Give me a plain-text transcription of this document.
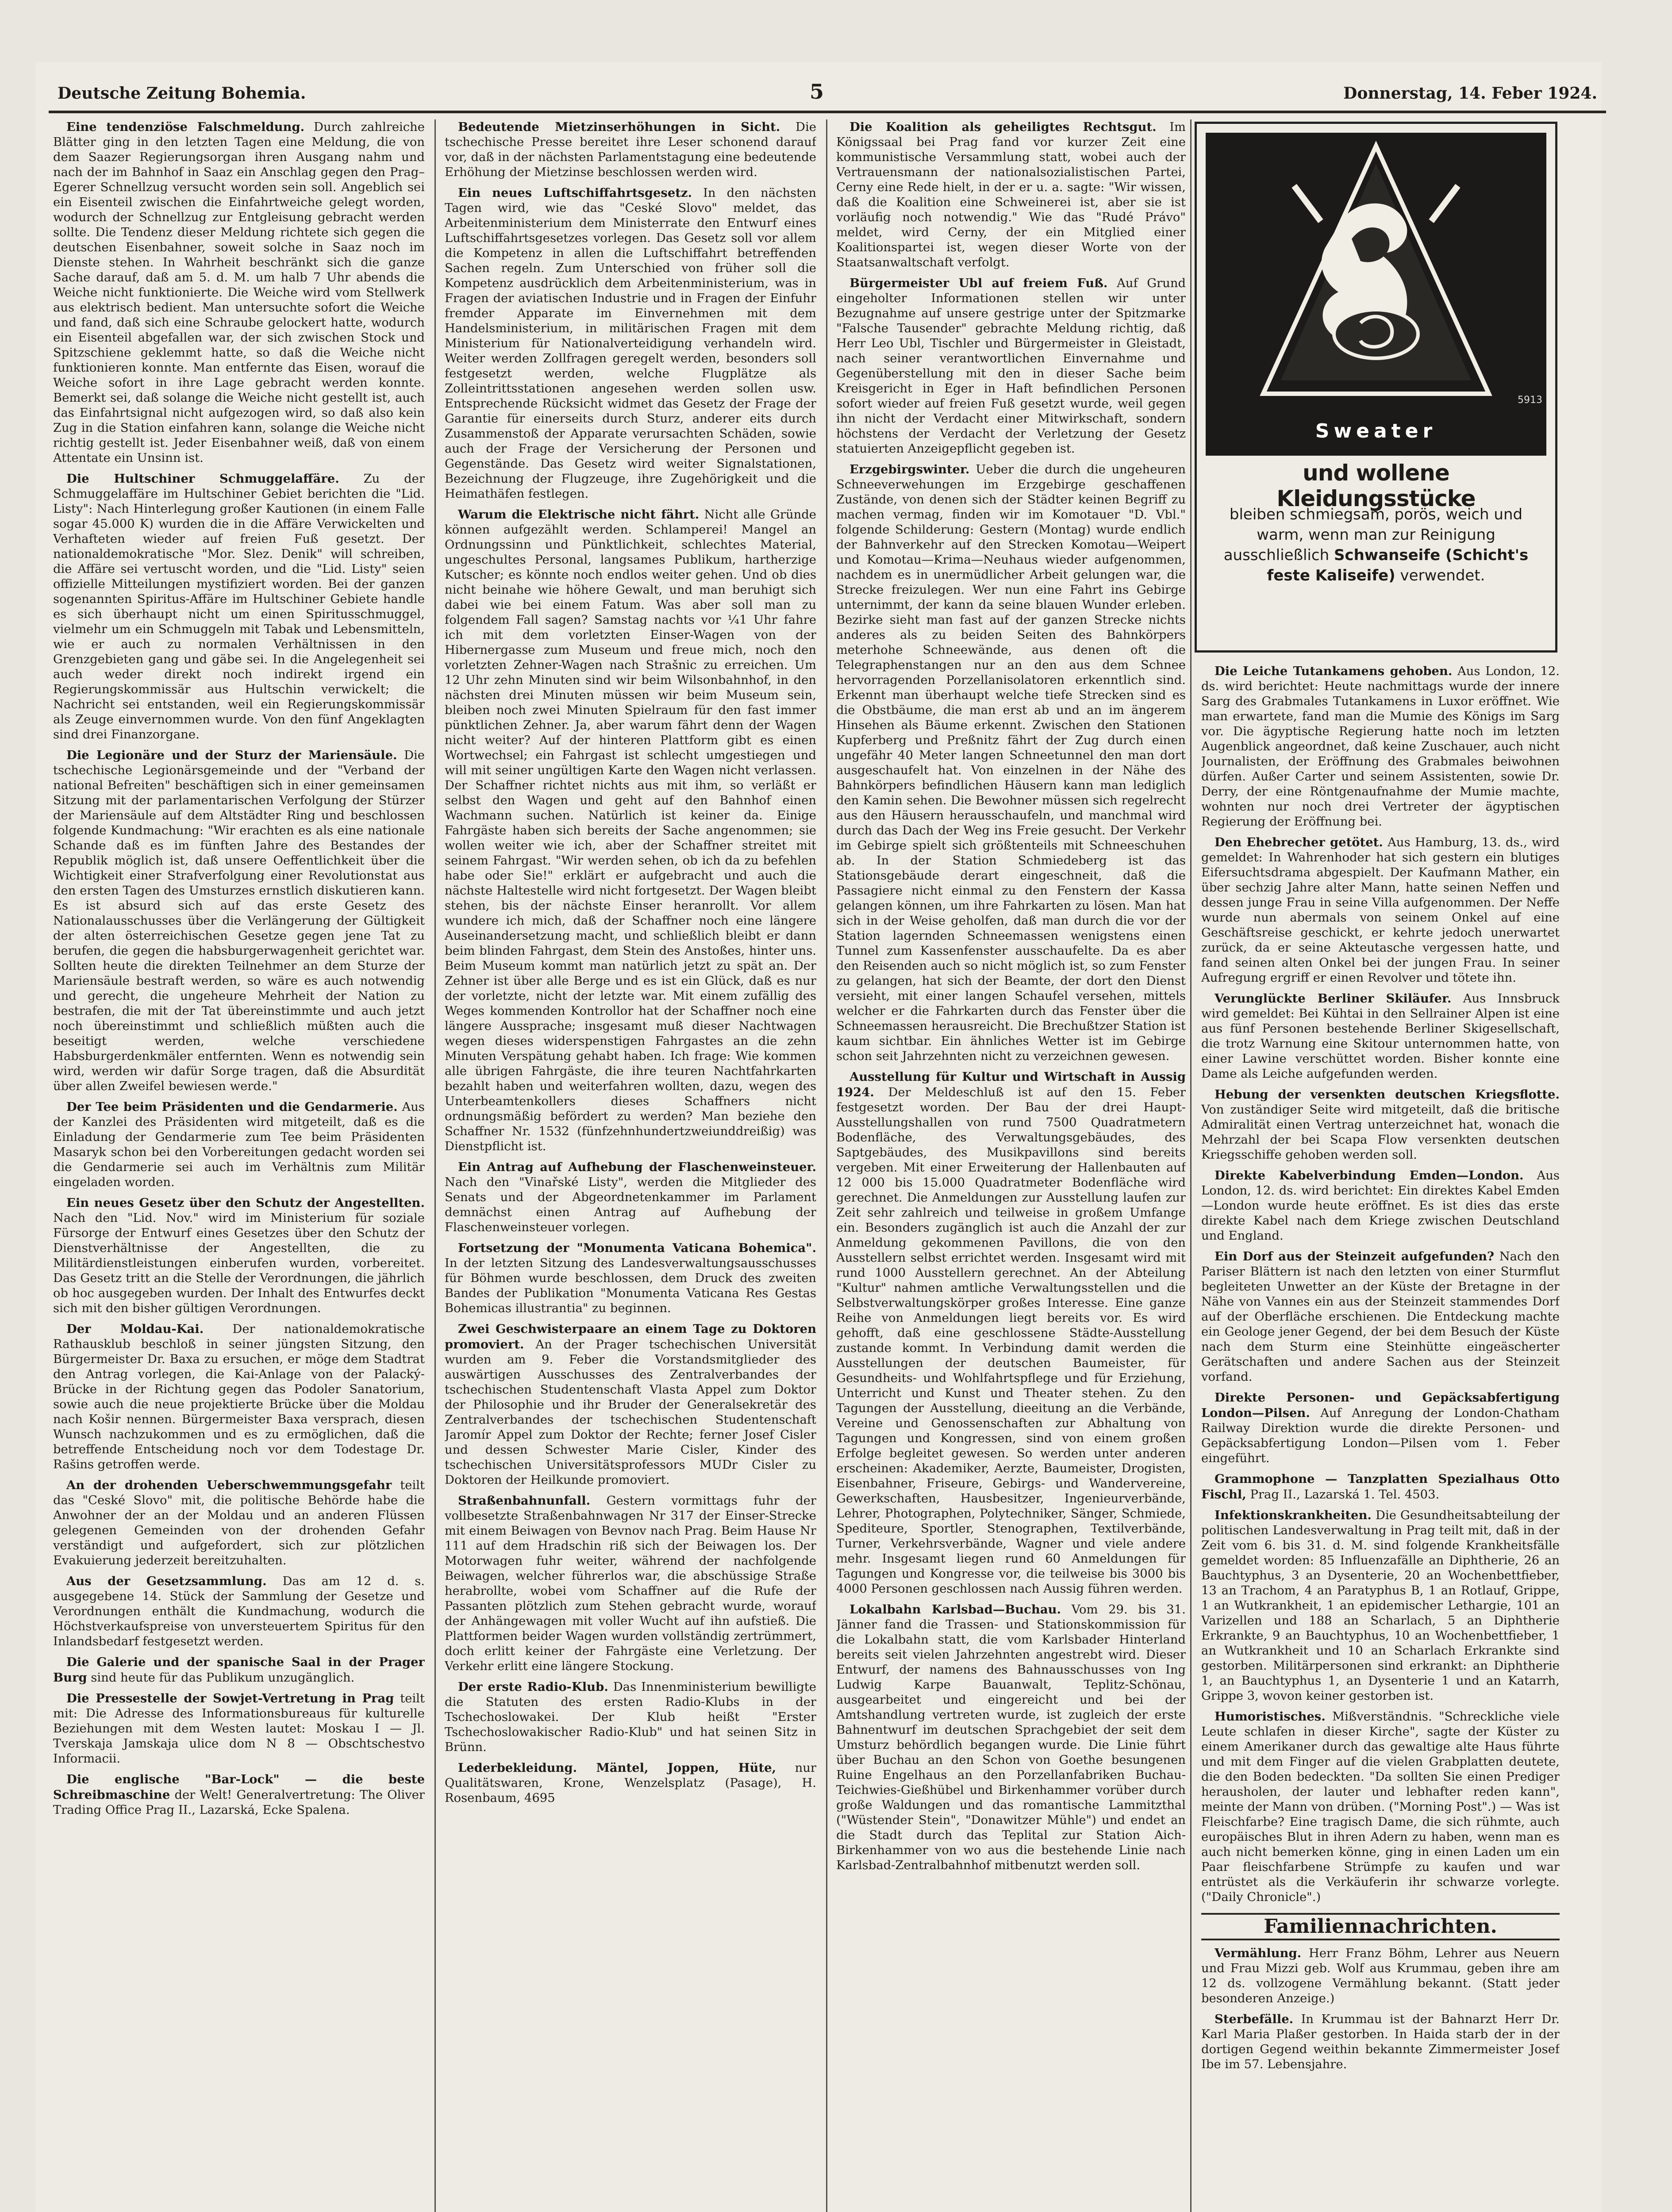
Deutsche Zeitung Bohemia.	5	Donnerstag, 14. Feber 1924.

Eine tendenziöse Falschmeldung. Durch zahlreiche Blätter ging in den letzten Tagen eine Meldung, die von dem Saazer Regierungsorgan ihren Ausgang nahm und nach der im Bahnhof in Saaz ein Anschlag gegen den Prag–Egerer Schnellzug versucht worden sein soll. Angeblich sei ein Eisenteil zwischen die Einfahrtweiche gelegt worden, wodurch der Schnellzug zur Entgleisung gebracht werden sollte. Die Tendenz dieser Meldung richtete sich gegen die deutschen Eisenbahner, soweit solche in Saaz noch im Dienste stehen. In Wahrheit beschränkt sich die ganze Sache darauf, daß am 5. d. M. um halb 7 Uhr abends die Weiche nicht funktionierte. Die Weiche wird vom Stellwerk aus elektrisch bedient. Man untersuchte sofort die Weiche und fand, daß sich eine Schraube gelockert hatte, wodurch ein Eisenteil abgefallen war, der sich zwischen Stock und Spitzschiene geklemmt hatte, so daß die Weiche nicht funktionieren konnte. Man entfernte das Eisen, worauf die Weiche sofort in ihre Lage gebracht werden konnte. Bemerkt sei, daß solange die Weiche nicht gestellt ist, auch das Einfahrtsignal nicht aufgezogen wird, so daß also kein Zug in die Station einfahren kann, solange die Weiche nicht richtig gestellt ist. Jeder Eisenbahner weiß, daß von einem Attentate ein Unsinn ist.

Die Hultschiner Schmuggelaffäre. Zu der Schmuggelaffäre im Hultschiner Gebiet berichten die "Lid. Listy": Nach Hinterlegung großer Kautionen (in einem Falle sogar 45.000 K) wurden die in die Affäre Verwickelten und Verhafteten wieder auf freien Fuß gesetzt. Der nationaldemokratische "Mor. Slez. Denik" will schreiben, die Affäre sei vertuscht worden, und die "Lid. Listy" seien offizielle Mitteilungen mystifiziert worden. Bei der ganzen sogenannten Spiritus-Affäre im Hultschiner Gebiete handle es sich überhaupt nicht um einen Spiritusschmuggel, vielmehr um ein Schmuggeln mit Tabak und Lebensmitteln, wie er auch zu normalen Verhältnissen in den Grenzgebieten gang und gäbe sei. In die Angelegenheit sei auch weder direkt noch indirekt irgend ein Regierungskommissär aus Hultschin verwickelt; die Nachricht sei entstanden, weil ein Regierungskommissär als Zeuge einvernommen wurde. Von den fünf Angeklagten sind drei Finanzorgane.

Die Legionäre und der Sturz der Mariensäule. Die tschechische Legionärsgemeinde und der "Verband der national Befreiten" beschäftigen sich in einer gemeinsamen Sitzung mit der parlamentarischen Verfolgung der Stürzer der Mariensäule auf dem Altstädter Ring und beschlossen folgende Kundmachung: "Wir erachten es als eine nationale Schande daß es im fünften Jahre des Bestandes der Republik möglich ist, daß unsere Oeffentlichkeit über die Wichtigkeit einer Strafverfolgung einer Revolutionstat aus den ersten Tagen des Umsturzes ernstlich diskutieren kann. Es ist absurd sich auf das erste Gesetz des Nationalausschusses über die Verlängerung der Gültigkeit der alten österreichischen Gesetze gegen jene Tat zu berufen, die gegen die habsburgerwagenheit gerichtet war. Sollten heute die direkten Teilnehmer an dem Sturze der Mariensäule bestraft werden, so wäre es auch notwendig und gerecht, die ungeheure Mehrheit der Nation zu bestrafen, die mit der Tat übereinstimmte und auch jetzt noch übereinstimmt und schließlich müßten auch die beseitigt werden, welche verschiedene Habsburgerdenkmäler entfernten. Wenn es notwendig sein wird, werden wir dafür Sorge tragen, daß die Absurdität über allen Zweifel bewiesen werde."

Der Tee beim Präsidenten und die Gendarmerie. Aus der Kanzlei des Präsidenten wird mitgeteilt, daß es die Einladung der Gendarmerie zum Tee beim Präsidenten Masaryk schon bei den Vorbereitungen gedacht worden sei die Gendarmerie sei auch im Verhältnis zum Militär eingeladen worden.

Ein neues Gesetz über den Schutz der Angestellten. Nach den "Lid. Nov." wird im Ministerium für soziale Fürsorge der Entwurf eines Gesetzes über den Schutz der Dienstverhältnisse der Angestellten, die zu Militärdienstleistungen einberufen wurden, vorbereitet. Das Gesetz tritt an die Stelle der Verordnungen, die jährlich ob hoc ausgegeben wurden. Der Inhalt des Entwurfes deckt sich mit den bisher gültigen Verordnungen.

Der Moldau-Kai. Der nationaldemokratische Rathausklub beschloß in seiner jüngsten Sitzung, den Bürgermeister Dr. Baxa zu ersuchen, er möge dem Stadtrat den Antrag vorlegen, die Kai-Anlage von der Palacký-Brücke in der Richtung gegen das Podoler Sanatorium, sowie auch die neue projektierte Brücke über die Moldau nach Košir nennen. Bürgermeister Baxa versprach, diesen Wunsch nachzukommen und es zu ermöglichen, daß die betreffende Entscheidung noch vor dem Todestage Dr. Rašins getroffen werde.

An der drohenden Ueberschwemmungsgefahr teilt das "Ceské Slovo" mit, die politische Behörde habe die Anwohner der an der Moldau und an anderen Flüssen gelegenen Gemeinden von der drohenden Gefahr verständigt und aufgefordert, sich zur plötzlichen Evakuierung jederzeit bereitzuhalten.

Aus der Gesetzsammlung. Das am 12 d. s. ausgegebene 14. Stück der Sammlung der Gesetze und Verordnungen enthält die Kundmachung, wodurch die Höchstverkaufspreise von unversteuertem Spiritus für den Inlandsbedarf festgesetzt werden.

Die Galerie und der spanische Saal in der Prager Burg sind heute für das Publikum unzugänglich.

Die Pressestelle der Sowjet-Vertretung in Prag teilt mit: Die Adresse des Informationsbureaus für kulturelle Beziehungen mit dem Westen lautet: Moskau I — Jl. Tverskaja Jamskaja ulice dom N 8 — Obschtschestvo Informacii.

Die englische "Bar-Lock" — die beste Schreibmaschine der Welt! Generalvertretung: The Oliver Trading Office Prag II., Lazarská, Ecke Spalena.

Bedeutende Mietzinserhöhungen in Sicht. Die tschechische Presse bereitet ihre Leser schonend darauf vor, daß in der nächsten Parlamentstagung eine bedeutende Erhöhung der Mietzinse beschlossen werden wird.

Ein neues Luftschiffahrtsgesetz. In den nächsten Tagen wird, wie das "Ceské Slovo" meldet, das Arbeitenministerium dem Ministerrate den Entwurf eines Luftschiffahrtsgesetzes vorlegen. Das Gesetz soll vor allem die Kompetenz in allen die Luftschiffahrt betreffenden Sachen regeln. Zum Unterschied von früher soll die Kompetenz ausdrücklich dem Arbeitenministerium, was in Fragen der aviatischen Industrie und in Fragen der Einfuhr fremder Apparate im Einvernehmen mit dem Handelsministerium, in militärischen Fragen mit dem Ministerium für Nationalverteidigung verhandeln wird. Weiter werden Zollfragen geregelt werden, besonders soll festgesetzt werden, welche Flugplätze als Zolleintrittsstationen angesehen werden sollen usw. Entsprechende Rücksicht widmet das Gesetz der Frage der Garantie für einerseits durch Sturz, anderer eits durch Zusammenstoß der Apparate verursachten Schäden, sowie auch der Frage der Versicherung der Personen und Gegenstände. Das Gesetz wird weiter Signalstationen, Bezeichnung der Flugzeuge, ihre Zugehörigkeit und die Heimathäfen festlegen.

Warum die Elektrische nicht fährt. Nicht alle Gründe können aufgezählt werden. Schlamperei! Mangel an Ordnungssinn und Pünktlichkeit, schlechtes Material, ungeschultes Personal, langsames Publikum, hartherzige Kutscher; es könnte noch endlos weiter gehen. Und ob dies nicht beinahe wie höhere Gewalt, und man beruhigt sich dabei wie bei einem Fatum. Was aber soll man zu folgendem Fall sagen? Samstag nachts vor ¼1 Uhr fahre ich mit dem vorletzten Einser-Wagen von der Hibernergasse zum Museum und freue mich, noch den vorletzten Zehner-Wagen nach Strašnic zu erreichen. Um 12 Uhr zehn Minuten sind wir beim Wilsonbahnhof, in den nächsten drei Minuten müssen wir beim Museum sein, bleiben noch zwei Minuten Spielraum für den fast immer pünktlichen Zehner. Ja, aber warum fährt denn der Wagen nicht weiter? Auf der hinteren Plattform gibt es einen Wortwechsel; ein Fahrgast ist schlecht umgestiegen und will mit seiner ungültigen Karte den Wagen nicht verlassen. Der Schaffner richtet nichts aus mit ihm, so verläßt er selbst den Wagen und geht auf den Bahnhof einen Wachmann suchen. Natürlich ist keiner da. Einige Fahrgäste haben sich bereits der Sache angenommen; sie wollen weiter wie ich, aber der Schaffner streitet mit seinem Fahrgast. "Wir werden sehen, ob ich da zu befehlen habe oder Sie!" erklärt er aufgebracht und auch die nächste Haltestelle wird nicht fortgesetzt. Der Wagen bleibt stehen, bis der nächste Einser heranrollt. Vor allem wundere ich mich, daß der Schaffner noch eine längere Auseinandersetzung macht, und schließlich bleibt er dann beim blinden Fahrgast, dem Stein des Anstoßes, hinter uns. Beim Museum kommt man natürlich jetzt zu spät an. Der Zehner ist über alle Berge und es ist ein Glück, daß es nur der vorletzte, nicht der letzte war. Mit einem zufällig des Weges kommenden Kontrollor hat der Schaffner noch eine längere Aussprache; insgesamt muß dieser Nachtwagen wegen dieses widerspenstigen Fahrgastes an die zehn Minuten Verspätung gehabt haben. Ich frage: Wie kommen alle übrigen Fahrgäste, die ihre teuren Nachtfahrkarten bezahlt haben und weiterfahren wollten, dazu, wegen des Unterbeamtenkollers dieses Schaffners nicht ordnungsmäßig befördert zu werden? Man beziehe den Schaffner Nr. 1532 (fünfzehnhundertzweiunddreißig) was Dienstpflicht ist.

Ein Antrag auf Aufhebung der Flaschenweinsteuer. Nach den "Vinařské Listy", werden die Mitglieder des Senats und der Abgeordnetenkammer im Parlament demnächst einen Antrag auf Aufhebung der Flaschenweinsteuer vorlegen.

Fortsetzung der "Monumenta Vaticana Bohemica". In der letzten Sitzung des Landesverwaltungsausschusses für Böhmen wurde beschlossen, dem Druck des zweiten Bandes der Publikation "Monumenta Vaticana Res Gestas Bohemicas illustrantia" zu beginnen.

Zwei Geschwisterpaare an einem Tage zu Doktoren promoviert. An der Prager tschechischen Universität wurden am 9. Feber die Vorstandsmitglieder des auswärtigen Ausschusses des Zentralverbandes der tschechischen Studentenschaft Vlasta Appel zum Doktor der Philosophie und ihr Bruder der Generalsekretär des Zentralverbandes der tschechischen Studentenschaft Jaromír Appel zum Doktor der Rechte; ferner Josef Cisler und dessen Schwester Marie Cisler, Kinder des tschechischen Universitätsprofessors MUDr Cisler zu Doktoren der Heilkunde promoviert.

Straßenbahnunfall. Gestern vormittags fuhr der vollbesetzte Straßenbahnwagen Nr 317 der Einser-Strecke mit einem Beiwagen von Bevnov nach Prag. Beim Hause Nr 111 auf dem Hradschin riß sich der Beiwagen los. Der Motorwagen fuhr weiter, während der nachfolgende Beiwagen, welcher führerlos war, die abschüssige Straße herabrollte, wobei vom Schaffner auf die Rufe der Passanten plötzlich zum Stehen gebracht wurde, worauf der Anhängewagen mit voller Wucht auf ihn aufstieß. Die Plattformen beider Wagen wurden vollständig zertrümmert, doch erlitt keiner der Fahrgäste eine Verletzung. Der Verkehr erlitt eine längere Stockung.

Der erste Radio-Klub. Das Innenministerium bewilligte die Statuten des ersten Radio-Klubs in der Tschechoslowakei. Der Klub heißt "Erster Tschechoslowakischer Radio-Klub" und hat seinen Sitz in Brünn.

Lederbekleidung. Mäntel, Joppen, Hüte, nur Qualitätswaren, Krone, Wenzelsplatz (Pasage), H. Rosenbaum, 4695

Die Koalition als geheiligtes Rechtsgut. Im Königssaal bei Prag fand vor kurzer Zeit eine kommunistische Versammlung statt, wobei auch der Vertrauensmann der nationalsozialistischen Partei, Cerny eine Rede hielt, in der er u. a. sagte: "Wir wissen, daß die Koalition eine Schweinerei ist, aber sie ist vorläufig noch notwendig." Wie das "Rudé Právo" meldet, wird Cerny, der ein Mitglied einer Koalitionspartei ist, wegen dieser Worte von der Staatsanwaltschaft verfolgt.

Bürgermeister Ubl auf freiem Fuß. Auf Grund eingeholter Informationen stellen wir unter Bezugnahme auf unsere gestrige unter der Spitzmarke "Falsche Tausender" gebrachte Meldung richtig, daß Herr Leo Ubl, Tischler und Bürgermeister in Gleistadt, nach seiner verantwortlichen Einvernahme und Gegenüberstellung mit den in dieser Sache beim Kreisgericht in Eger in Haft befindlichen Personen sofort wieder auf freien Fuß gesetzt wurde, weil gegen ihn nicht der Verdacht einer Mitwirkschaft, sondern höchstens der Verdacht der Verletzung der Gesetz statuierten Anzeigepflicht gegeben ist.

Erzgebirgswinter. Ueber die durch die ungeheuren Schneeverwehungen im Erzgebirge geschaffenen Zustände, von denen sich der Städter keinen Begriff zu machen vermag, finden wir im Komotauer "D. Vbl." folgende Schilderung: Gestern (Montag) wurde endlich der Bahnverkehr auf den Strecken Komotau—Weipert und Komotau—Krima—Neuhaus wieder aufgenommen, nachdem es in unermüdlicher Arbeit gelungen war, die Strecke freizulegen. Wer nun eine Fahrt ins Gebirge unternimmt, der kann da seine blauen Wunder erleben. Bezirke sieht man fast auf der ganzen Strecke nichts anderes als zu beiden Seiten des Bahnkörpers meterhohe Schneewände, aus denen oft die Telegraphenstangen nur an den aus dem Schnee hervorragenden Porzellanisolatoren erkenntlich sind. Erkennt man überhaupt welche tiefe Strecken sind es die Obstbäume, die man erst ab und an im ängerem Hinsehen als Bäume erkennt. Zwischen den Stationen Kupferberg und Preßnitz fährt der Zug durch einen ungefähr 40 Meter langen Schneetunnel den man dort ausgeschaufelt hat. Von einzelnen in der Nähe des Bahnkörpers befindlichen Häusern kann man lediglich den Kamin sehen. Die Bewohner müssen sich regelrecht aus den Häusern herausschaufeln, und manchmal wird durch das Dach der Weg ins Freie gesucht. Der Verkehr im Gebirge spielt sich größtenteils mit Schneeschuhen ab. In der Station Schmiedeberg ist das Stationsgebäude derart eingeschneit, daß die Passagiere nicht einmal zu den Fenstern der Kassa gelangen können, um ihre Fahrkarten zu lösen. Man hat sich in der Weise geholfen, daß man durch die vor der Station lagernden Schneemassen wenigstens einen Tunnel zum Kassenfenster ausschaufelte. Da es aber den Reisenden auch so nicht möglich ist, so zum Fenster zu gelangen, hat sich der Beamte, der dort den Dienst versieht, mit einer langen Schaufel versehen, mittels welcher er die Fahrkarten durch das Fenster über die Schneemassen herausreicht. Die Brechußtzer Station ist kaum sichtbar. Ein ähnliches Wetter ist im Gebirge schon seit Jahrzehnten nicht zu verzeichnen gewesen.

Ausstellung für Kultur und Wirtschaft in Aussig 1924. Der Meldeschluß ist auf den 15. Feber festgesetzt worden. Der Bau der drei Haupt-Ausstellungshallen von rund 7500 Quadratmetern Bodenfläche, des Verwaltungsgebäudes, des Saptgebäudes, des Musikpavillons sind bereits vergeben. Mit einer Erweiterung der Hallenbauten auf 12 000 bis 15.000 Quadratmeter Bodenfläche wird gerechnet. Die Anmeldungen zur Ausstellung laufen zur Zeit sehr zahlreich und teilweise in großem Umfange ein. Besonders zugänglich ist auch die Anzahl der zur Anmeldung gekommenen Pavillons, die von den Ausstellern selbst errichtet werden. Insgesamt wird mit rund 1000 Ausstellern gerechnet. An der Abteilung "Kultur" nahmen amtliche Verwaltungsstellen und die Selbstverwaltungskörper großes Interesse. Eine ganze Reihe von Anmeldungen liegt bereits vor. Es wird gehofft, daß eine geschlossene Städte-Ausstellung zustande kommt. In Verbindung damit werden die Ausstellungen der deutschen Baumeister, für Gesundheits- und Wohlfahrtspflege und für Erziehung, Unterricht und Kunst und Theater stehen. Zu den Tagungen der Ausstellung, dieeitung an die Verbände, Vereine und Genossenschaften zur Abhaltung von Tagungen und Kongressen, sind von einem großen Erfolge begleitet gewesen. So werden unter anderen erscheinen: Akademiker, Aerzte, Baumeister, Drogisten, Eisenbahner, Friseure, Gebirgs- und Wandervereine, Gewerkschaften, Hausbesitzer, Ingenieurverbände, Lehrer, Photographen, Polytechniker, Sänger, Schmiede, Spediteure, Sportler, Stenographen, Textilverbände, Turner, Verkehrsverbände, Wagner und viele andere mehr. Insgesamt liegen rund 60 Anmeldungen für Tagungen und Kongresse vor, die teilweise bis 3000 bis 4000 Personen geschlossen nach Aussig führen werden.

Lokalbahn Karlsbad—Buchau. Vom 29. bis 31. Jänner fand die Trassen- und Stationskommission für die Lokalbahn statt, die vom Karlsbader Hinterland bereits seit vielen Jahrzehnten angestrebt wird. Dieser Entwurf, der namens des Bahnausschusses von Ing Ludwig Karpe Bauanwalt, Teplitz-Schönau, ausgearbeitet und eingereicht und bei der Amtshandlung vertreten wurde, ist zugleich der erste Bahnentwurf im deutschen Sprachgebiet der seit dem Umsturz behördlich begangen wurde. Die Linie führt über Buchau an den Schon von Goethe besungenen Ruine Engelhaus an den Porzellanfabriken Buchau-Teichwies-Gießhübel und Birkenhammer vorüber durch große Waldungen und das romantische Lammitzthal ("Wüstender Stein", "Donawitzer Mühle") und endet an die Stadt durch das Teplital zur Station Aich-Birkenhammer von wo aus die bestehende Linie nach Karlsbad-Zentralbahnhof mitbenutzt werden soll.

5913
Sweater
und wollene Kleidungsstücke
bleiben schmiegsam, porös, weich und warm, wenn man zur Reinigung ausschließlich Schwanseife (Schicht's feste Kaliseife) verwendet.

Die Leiche Tutankamens gehoben. Aus London, 12. ds. wird berichtet: Heute nachmittags wurde der innere Sarg des Grabmales Tutankamens in Luxor eröffnet. Wie man erwartete, fand man die Mumie des Königs im Sarg vor. Die ägyptische Regierung hatte noch im letzten Augenblick angeordnet, daß keine Zuschauer, auch nicht Journalisten, der Eröffnung des Grabmales beiwohnen dürfen. Außer Carter und seinem Assistenten, sowie Dr. Derry, der eine Röntgenaufnahme der Mumie machte, wohnten nur noch drei Vertreter der ägyptischen Regierung der Eröffnung bei.

Den Ehebrecher getötet. Aus Hamburg, 13. ds., wird gemeldet: In Wahrenhoder hat sich gestern ein blutiges Eifersuchtsdrama abgespielt. Der Kaufmann Mather, ein über sechzig Jahre alter Mann, hatte seinen Neffen und dessen junge Frau in seine Villa aufgenommen. Der Neffe wurde nun abermals von seinem Onkel auf eine Geschäftsreise geschickt, er kehrte jedoch unerwartet zurück, da er seine Akteutasche vergessen hatte, und fand seinen alten Onkel bei der jungen Frau. In seiner Aufregung ergriff er einen Revolver und tötete ihn.

Verunglückte Berliner Skiläufer. Aus Innsbruck wird gemeldet: Bei Kühtai in den Sellrainer Alpen ist eine aus fünf Personen bestehende Berliner Skigesellschaft, die trotz Warnung eine Skitour unternommen hatte, von einer Lawine verschüttet worden. Bisher konnte eine Dame als Leiche aufgefunden werden.

Hebung der versenkten deutschen Kriegsflotte. Von zuständiger Seite wird mitgeteilt, daß die britische Admiralität einen Vertrag unterzeichnet hat, wonach die Mehrzahl der bei Scapa Flow versenkten deutschen Kriegsschiffe gehoben werden soll.

Direkte Kabelverbindung Emden—London. Aus London, 12. ds. wird berichtet: Ein direktes Kabel Emden—London wurde heute eröffnet. Es ist dies das erste direkte Kabel nach dem Kriege zwischen Deutschland und England.

Ein Dorf aus der Steinzeit aufgefunden? Nach den Pariser Blättern ist nach den letzten von einer Sturmflut begleiteten Unwetter an der Küste der Bretagne in der Nähe von Vannes ein aus der Steinzeit stammendes Dorf auf der Oberfläche erschienen. Die Entdeckung machte ein Geologe jener Gegend, der bei dem Besuch der Küste nach dem Sturm eine Steinhütte eingeäscherter Gerätschaften und andere Sachen aus der Steinzeit vorfand.

Direkte Personen- und Gepäcksabfertigung London—Pilsen. Auf Anregung der London-Chatham Railway Direktion wurde die direkte Personen- und Gepäcksabfertigung London—Pilsen vom 1. Feber eingeführt.

Grammophone — Tanzplatten Spezialhaus Otto Fischl, Prag II., Lazarská 1. Tel. 4503.

Infektionskrankheiten. Die Gesundheitsabteilung der politischen Landesverwaltung in Prag teilt mit, daß in der Zeit vom 6. bis 31. d. M. sind folgende Krankheitsfälle gemeldet worden: 85 Influenzafälle an Diphtherie, 26 an Bauchtyphus, 3 an Dysenterie, 20 an Wochenbettfieber, 13 an Trachom, 4 an Paratyphus B, 1 an Rotlauf, Grippe, 1 an Wutkrankheit, 1 an epidemischer Lethargie, 101 an Varizellen und 188 an Scharlach, 5 an Diphtherie Erkrankte, 9 an Bauchtyphus, 10 an Wochenbettfieber, 1 an Wutkrankheit und 10 an Scharlach Erkrankte sind gestorben. Militärpersonen sind erkrankt: an Diphtherie 1, an Bauchtyphus 1, an Dysenterie 1 und an Katarrh, Grippe 3, wovon keiner gestorben ist.

Humoristisches. Mißverständnis. "Schreckliche viele Leute schlafen in dieser Kirche", sagte der Küster zu einem Amerikaner durch das gewaltige alte Haus führte und mit dem Finger auf die vielen Grabplatten deutete, die den Boden bedeckten. "Da sollten Sie einen Prediger herausholen, der lauter und lebhafter reden kann", meinte der Mann von drüben. ("Morning Post".) — Was ist Fleischfarbe? Eine tragisch Dame, die sich rühmte, auch europäisches Blut in ihren Adern zu haben, wenn man es auch nicht bemerken könne, ging in einen Laden um ein Paar fleischfarbene Strümpfe zu kaufen und war entrüstet als die Verkäuferin ihr schwarze vorlegte. ("Daily Chronicle".)

Familiennachrichten.

Vermählung. Herr Franz Böhm, Lehrer aus Neuern und Frau Mizzi geb. Wolf aus Krummau, geben ihre am 12 ds. vollzogene Vermählung bekannt. (Statt jeder besonderen Anzeige.)

Sterbefälle. In Krummau ist der Bahnarzt Herr Dr. Karl Maria Plaßer gestorben. In Haida starb der in der dortigen Gegend weithin bekannte Zimmermeister Josef Ibe im 57. Lebensjahre.
